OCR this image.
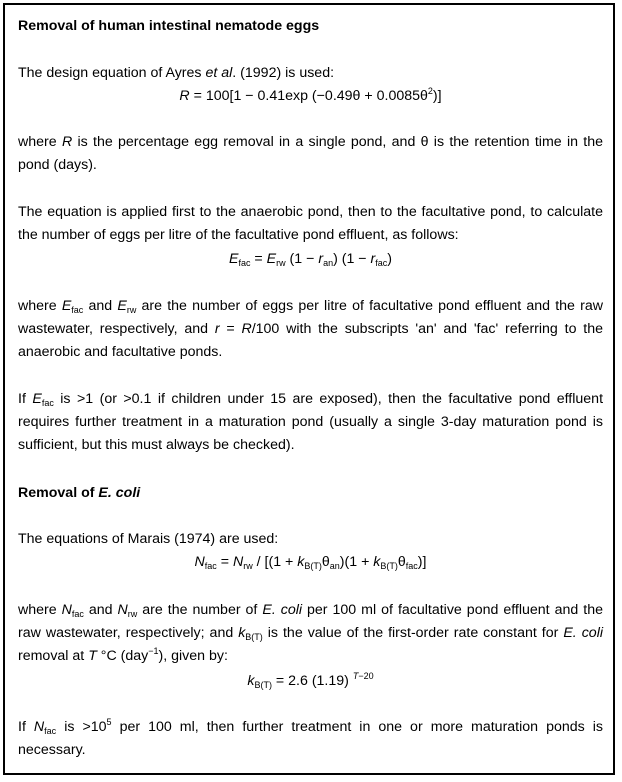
Removal of human intestinal nematode eggs

The design equation of Ayres et al. (1992) is used:

R = 100[1 − 0.41exp $(-0.49\theta + 0.0085\theta^2)$]

where R is the percentage egg removal in a single pond, and θ is the retention time in the pond (days).

The equation is applied first to the anaerobic pond, then to the facultative pond, to calculate the number of eggs per litre of the facultative pond effluent, as follows:

$E_{fac} = E_{rw}$ $(1 - r_{an})$ $(1 - r_{fac})$

where $E_{fac}$ and $E_{rw}$ are the number of eggs per litre of facultative pond effluent and the raw wastewater, respectively, and r = R/100 with the subscripts 'an' and 'fac' referring to the anaerobic and facultative ponds.

If $E_{fac}$ is >1 (or >0.1 if children under 15 are exposed), then the facultative pond effluent requires further treatment in a maturation pond (usually a single 3-day maturation pond is sufficient, but this must always be checked).

Removal of E. coli

The equations of Marais (1974) are used:

$N_{fac} = N_{rw} / [(1 + k_{B(T)}\theta_{an})(1 + k_{B(T)}\theta_{fac})]$

where $N_{fac}$ and $N_{rw}$ are the number of E. coli per 100 ml of facultative pond effluent and the raw wastewater, respectively; and $k_{B(T)}$ is the value of the first-order rate constant for E. coli removal at T °C (day$^{-1}$), given by:

$k_{B(T)} = 2.6$ (1.19) $^{T-20}$

If $N_{fac}$ is $>10^5$ per 100 ml, then further treatment in one or more maturation ponds is necessary.
